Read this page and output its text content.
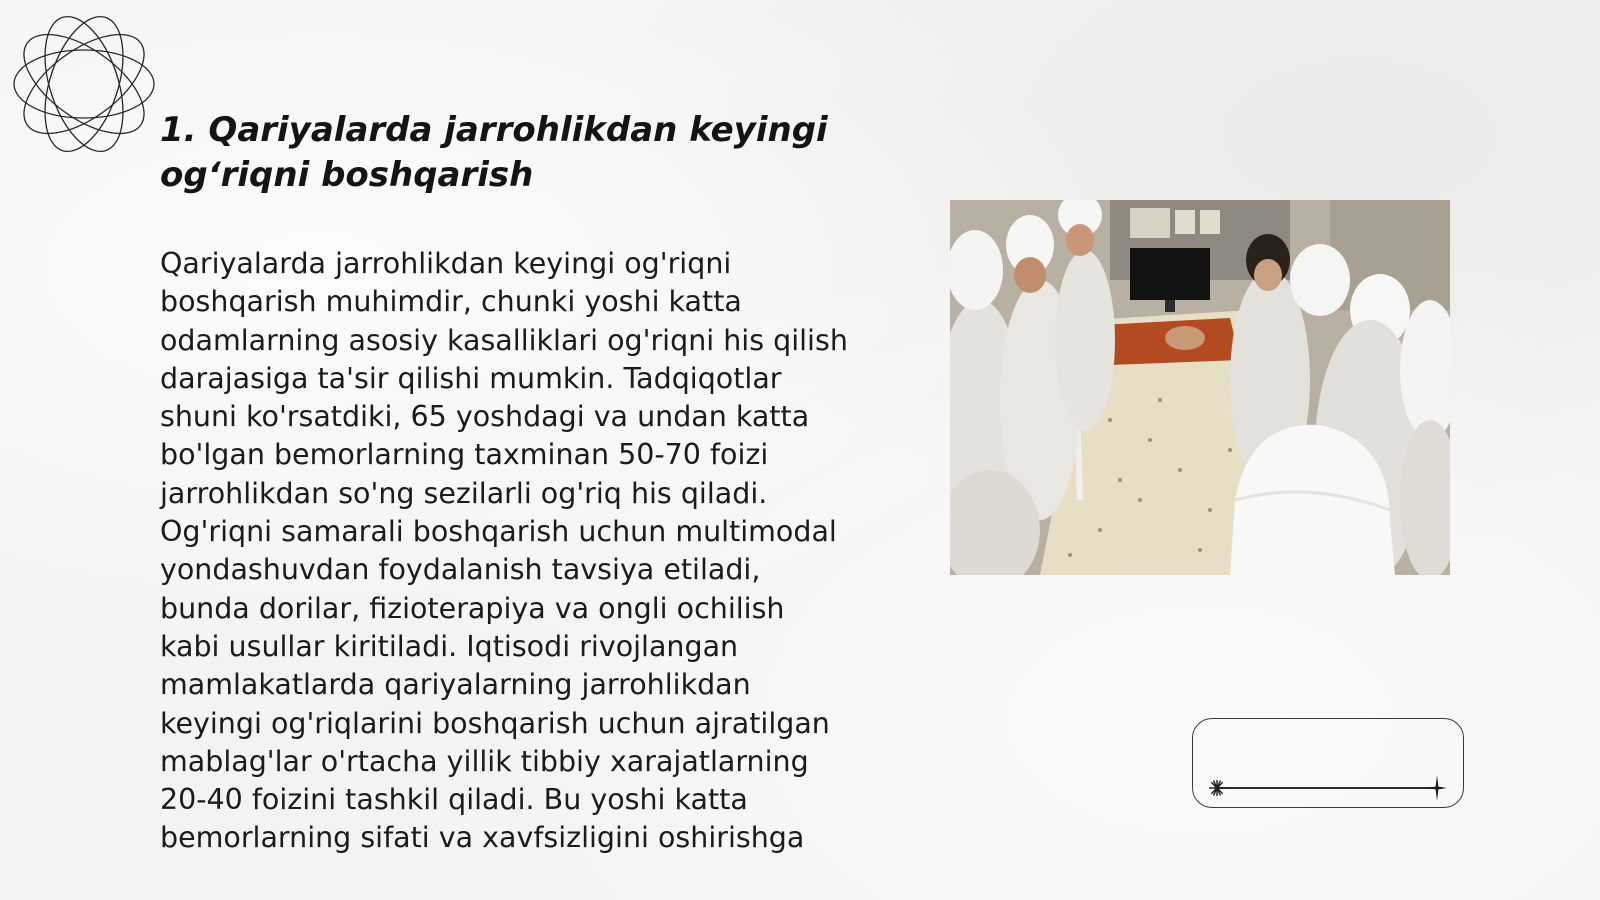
1. Qariyalarda jarrohlikdan keyingi og‘riqni boshqarish

Qariyalarda jarrohlikdan keyingi og'riqni boshqarish muhimdir, chunki yoshi katta odamlarning asosiy kasalliklari og'riqni his qilish darajasiga ta'sir qilishi mumkin. Tadqiqotlar shuni ko'rsatdiki, 65 yoshdagi va undan katta bo'lgan bemorlarning taxminan 50-70 foizi jarrohlikdan so'ng sezilarli og'riq his qiladi. Og'riqni samarali boshqarish uchun multimodal yondashuvdan foydalanish tavsiya etiladi, bunda dorilar, fizioterapiya va ongli ochilish kabi usullar kiritiladi. Iqtisodi rivojlangan mamlakatlarda qariyalarning jarrohlikdan keyingi og'riqlarini boshqarish uchun ajratilgan mablag'lar o'rtacha yillik tibbiy xarajatlarning 20-40 foizini tashkil qiladi. Bu yoshi katta bemorlarning sifati va xavfsizligini oshirishga
